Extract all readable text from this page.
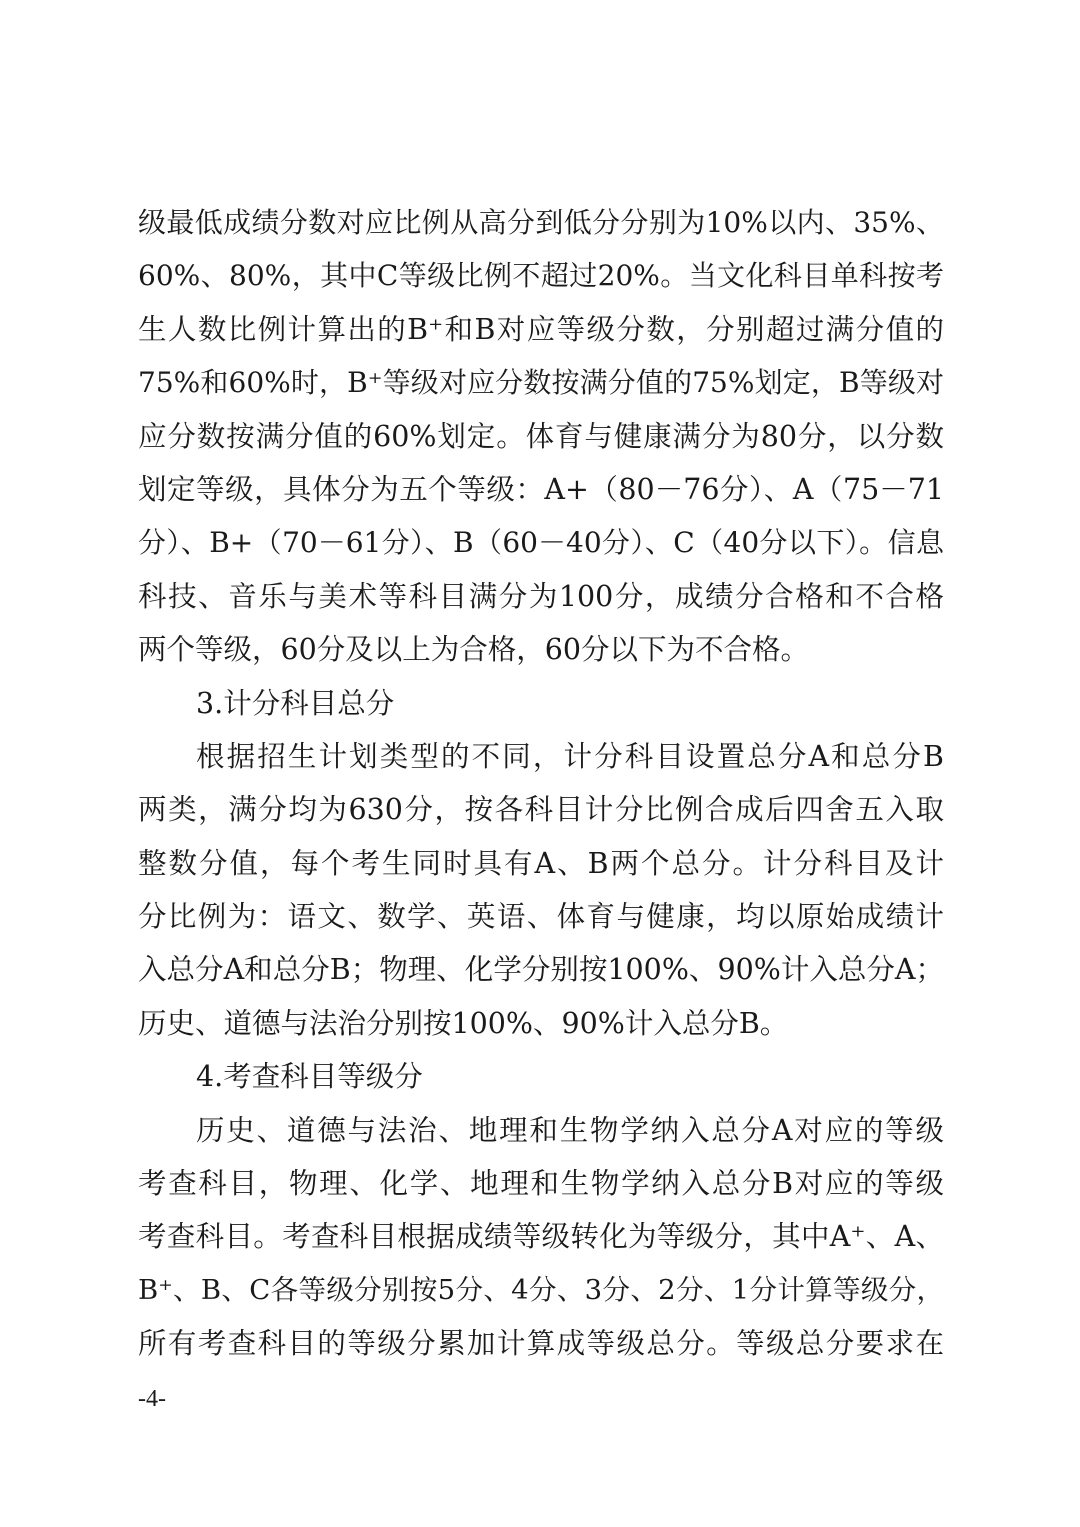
级最低成绩分数对应比例从高分到低分分别为10%以内、35%、
60%、80%，其中C等级比例不超过20%。当文化科目单科按考
生人数比例计算出的B⁺和B对应等级分数，分别超过满分值的
75%和60%时，B⁺等级对应分数按满分值的75%划定，B等级对
应分数按满分值的60%划定。体育与健康满分为80分，以分数
划定等级，具体分为五个等级：A+（80－76分）、A（75－71
分）、B+（70－61分）、B（60－40分）、C（40分以下）。信息
科技、音乐与美术等科目满分为100分，成绩分合格和不合格
两个等级，60分及以上为合格，60分以下为不合格。
3.计分科目总分
根据招生计划类型的不同，计分科目设置总分A和总分B
两类，满分均为630分，按各科目计分比例合成后四舍五入取
整数分值，每个考生同时具有A、B两个总分。计分科目及计
分比例为：语文、数学、英语、体育与健康，均以原始成绩计
入总分A和总分B；物理、化学分别按100%、90%计入总分A；
历史、道德与法治分别按100%、90%计入总分B。
4.考查科目等级分
历史、道德与法治、地理和生物学纳入总分A对应的等级
考查科目，物理、化学、地理和生物学纳入总分B对应的等级
考查科目。考查科目根据成绩等级转化为等级分，其中A⁺、A、
B⁺、B、C各等级分别按5分、4分、3分、2分、1分计算等级分，
所有考查科目的等级分累加计算成等级总分。等级总分要求在
-4-
